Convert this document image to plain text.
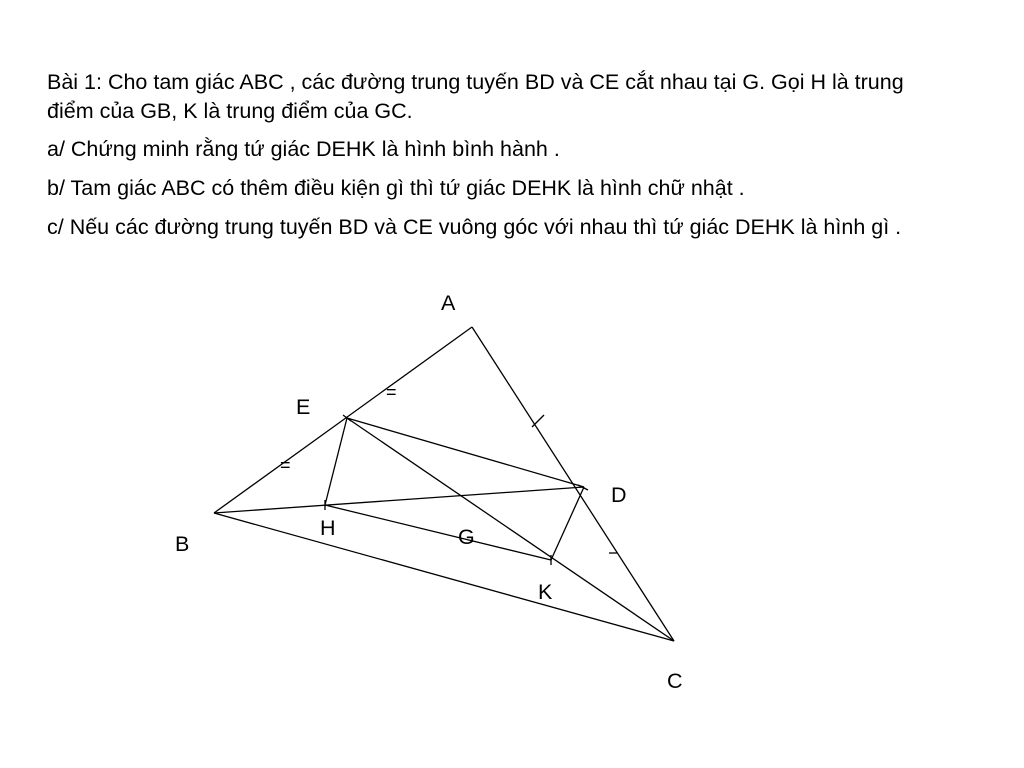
Bài 1: Cho tam giác ABC , các đường trung tuyến BD và CE cắt nhau tại G. Gọi H là trung điểm của GB, K là trung điểm của GC.

a/ Chứng minh rằng tứ giác DEHK là hình bình hành .

b/ Tam giác ABC có thêm điều kiện gì thì tứ giác DEHK là hình chữ nhật .

c/ Nếu các đường trung tuyến BD và CE vuông góc với nhau thì tứ giác DEHK là hình gì .

=
=
A
E
D
H	G
B
K
C
